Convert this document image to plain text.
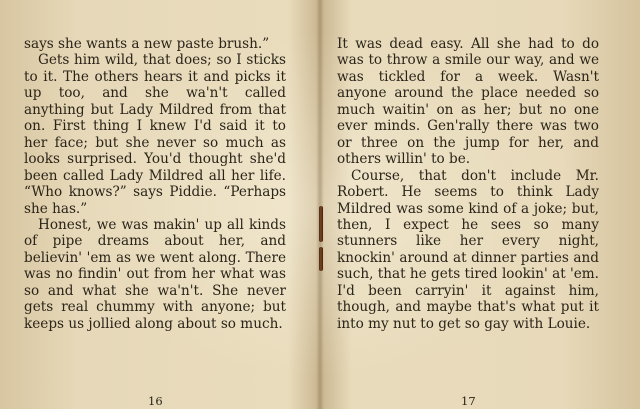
says she wants a new paste brush.”

Gets him wild, that does; so I sticks to it. The others hears it and picks it up too, and she wa'n't called anything but Lady Mildred from that on. First thing I knew I'd said it to her face; but she never so much as looks surprised. You'd thought she'd been called Lady Mildred all her life. “Who knows?” says Piddie. “Perhaps she has.”

Honest, we was makin' up all kinds of pipe dreams about her, and believin' 'em as we went along. There was no findin' out from her what was so and what she wa'n't. She never gets real chummy with anyone; but keeps us jollied along about so much.

It was dead easy. All she had to do was to throw a smile our way, and we was tickled for a week. Wasn't anyone around the place needed so much waitin' on as her; but no one ever minds. Gen'rally there was two or three on the jump for her, and others willin' to be.

Course, that don't include Mr. Robert. He seems to think Lady Mildred was some kind of a joke; but, then, I expect he sees so many stunners like her every night, knockin' around at dinner parties and such, that he gets tired lookin' at 'em. I'd been carryin' it against him, though, and maybe that's what put it into my nut to get so gay with Louie.

16	17
